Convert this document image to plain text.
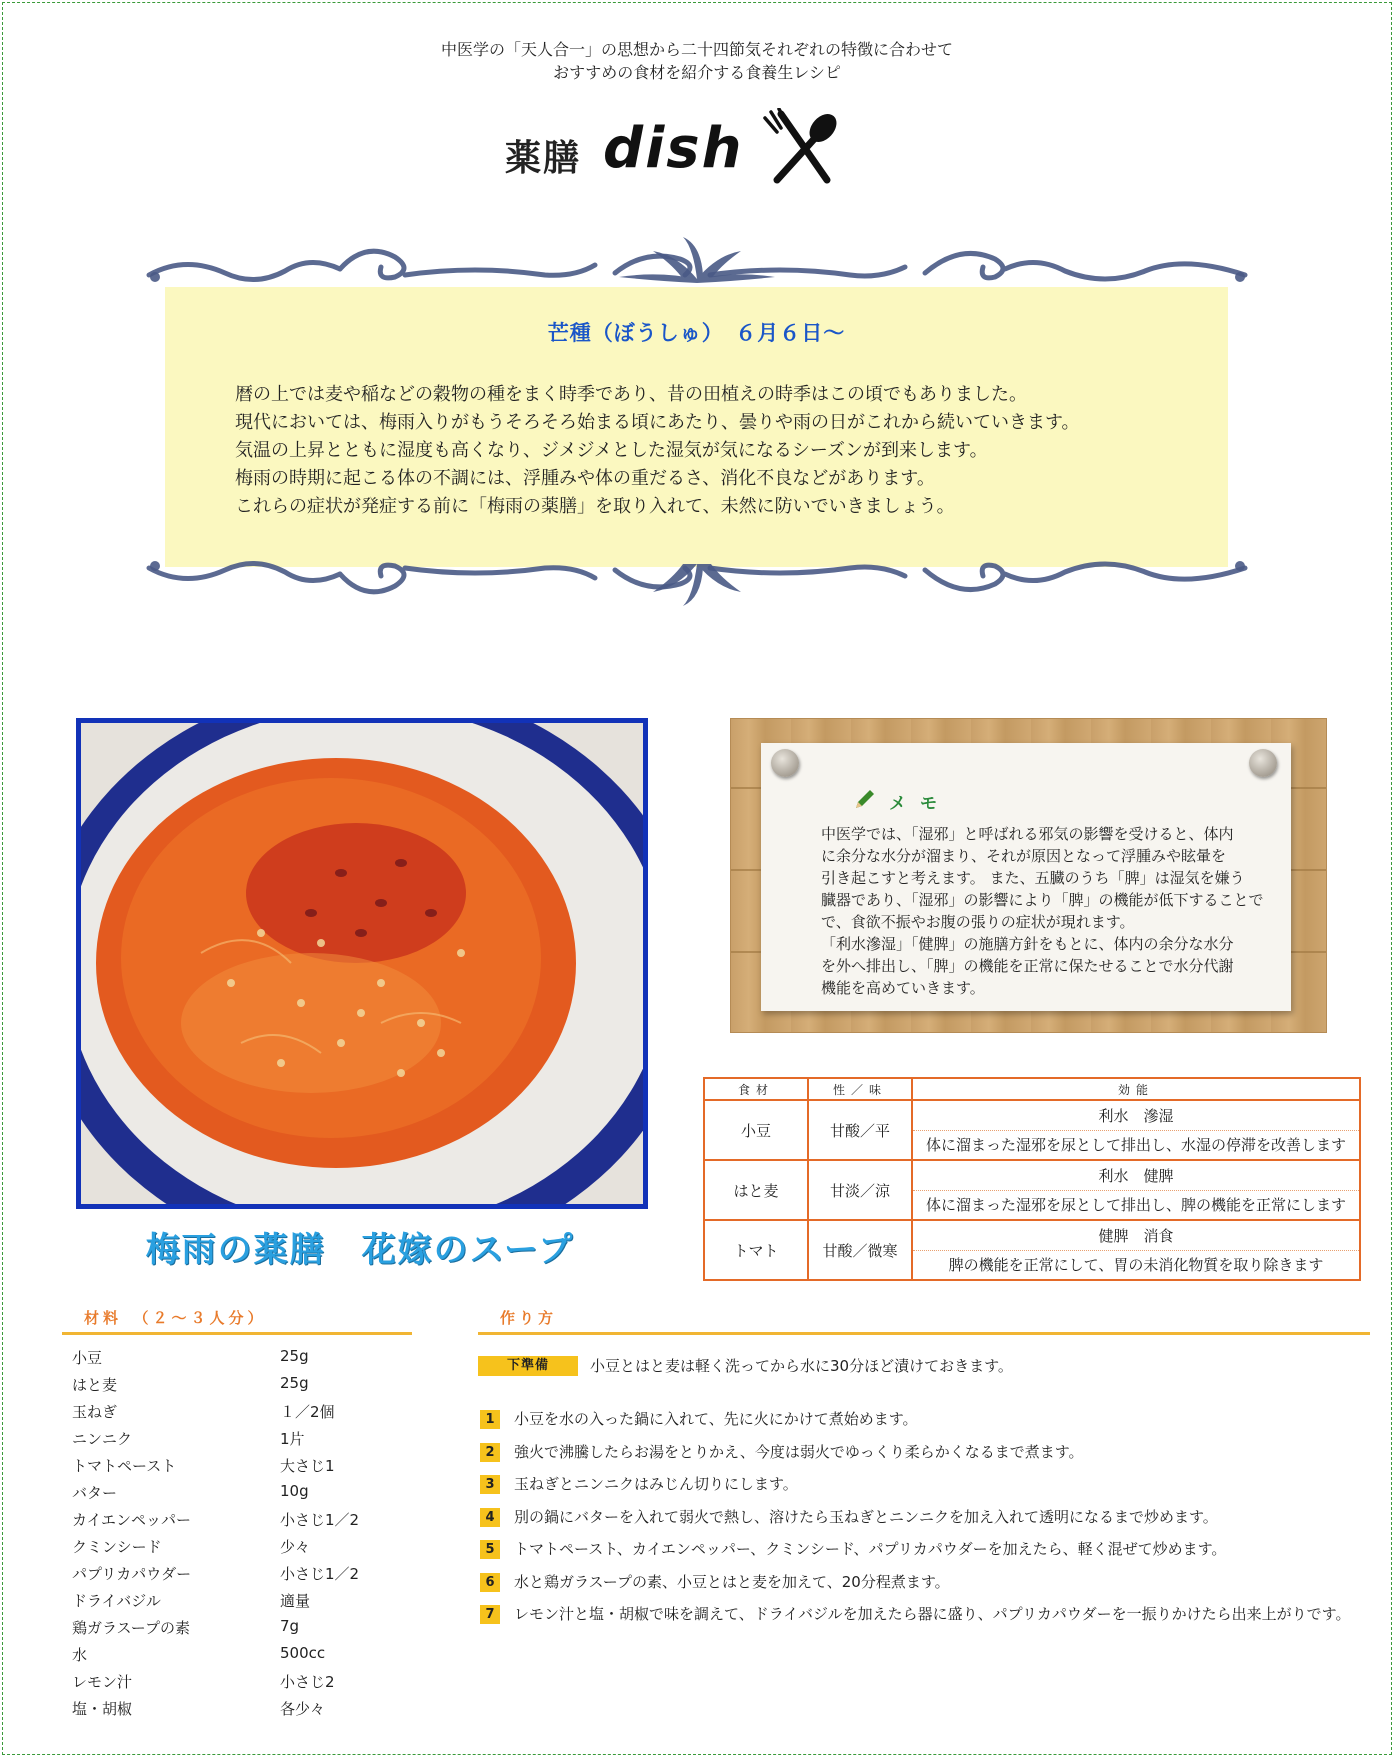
中医学の「天人合一」の思想から二十四節気それぞれの特徴に合わせて
おすすめの食材を紹介する食養生レシピ
薬膳 dish
芒種（ぼうしゅ）　６月６日～
暦の上では麦や稲などの穀物の種をまく時季であり、昔の田植えの時季はこの頃でもありました。
現代においては、梅雨入りがもうそろそろ始まる頃にあたり、曇りや雨の日がこれから続いていきます。
気温の上昇とともに湿度も高くなり、ジメジメとした湿気が気になるシーズンが到来します。
梅雨の時期に起こる体の不調には、浮腫みや体の重だるさ、消化不良などがあります。
これらの症状が発症する前に「梅雨の薬膳」を取り入れて、未然に防いでいきましょう。
梅雨の薬膳　花嫁のスープ
メモ
中医学では、「湿邪」と呼ばれる邪気の影響を受けると、体内
に余分な水分が溜まり、それが原因となって浮腫みや眩暈を
引き起こすと考えます。 また、五臓のうち「脾」は湿気を嫌う
臓器であり、「湿邪」の影響により「脾」の機能が低下することで
で、食欲不振やお腹の張りの症状が現れます。
「利水滲湿」「健脾」の施膳方針をもとに、体内の余分な水分
を外へ排出し、「脾」の機能を正常に保たせることで水分代謝
機能を高めていきます。
食材	性／味	効能
小豆	甘酸／平	利水　滲湿
		体に溜まった湿邪を尿として排出し、水湿の停滞を改善します
はと麦	甘淡／涼	利水　健脾
		体に溜まった湿邪を尿として排出し、脾の機能を正常にします
トマト	甘酸／微寒	健脾　消食
		脾の機能を正常にして、胃の未消化物質を取り除きます
材料　（２～３人分）
小豆	25g
はと麦	25g
玉ねぎ	１／2個
ニンニク	1片
トマトペースト	大さじ1
バター	10g
カイエンペッパー	小さじ1／2
クミンシード	少々
パプリカパウダー	小さじ1／2
ドライバジル	適量
鶏ガラスープの素	7g
水	500cc
レモン汁	小さじ2
塩・胡椒	各少々
作り方
下準備	小豆とはと麦は軽く洗ってから水に30分ほど漬けておきます。
1	小豆を水の入った鍋に入れて、先に火にかけて煮始めます。
2	強火で沸騰したらお湯をとりかえ、今度は弱火でゆっくり柔らかくなるまで煮ます。
3	玉ねぎとニンニクはみじん切りにします。
4	別の鍋にバターを入れて弱火で熱し、溶けたら玉ねぎとニンニクを加え入れて透明になるまで炒めます。
5	トマトペースト、カイエンペッパー、クミンシード、パプリカパウダーを加えたら、軽く混ぜて炒めます。
6	水と鶏ガラスープの素、小豆とはと麦を加えて、20分程煮ます。
7	レモン汁と塩・胡椒で味を調えて、ドライバジルを加えたら器に盛り、パプリカパウダーを一振りかけたら出来上がりです。
